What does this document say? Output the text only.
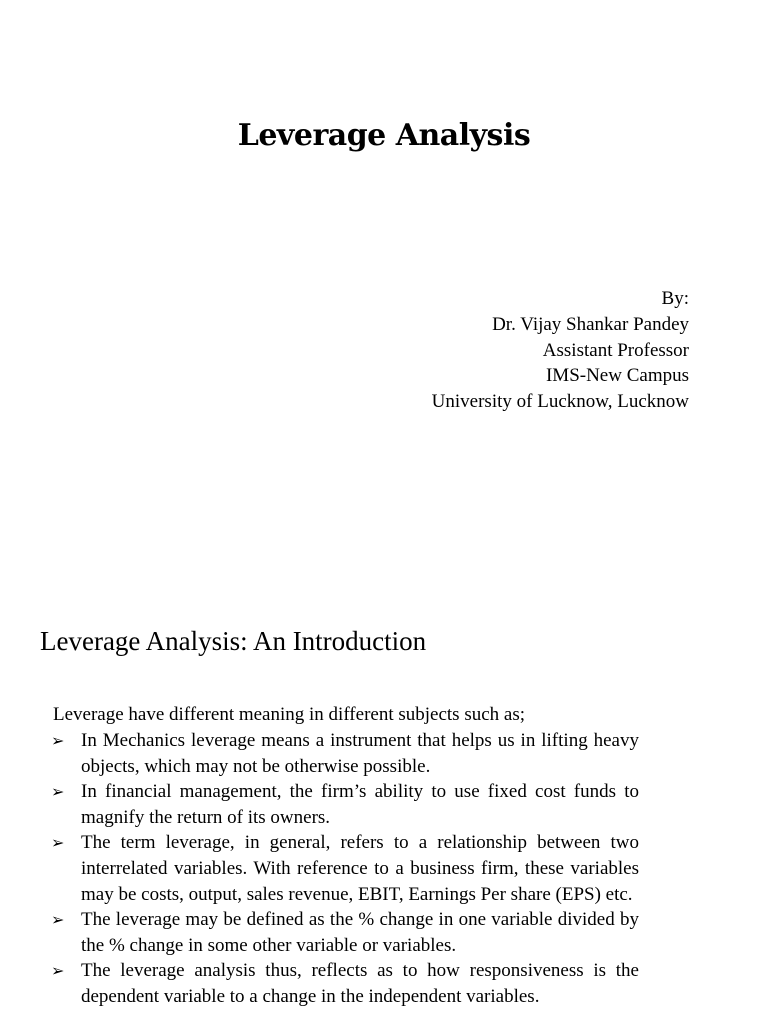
Leverage Analysis
By:
Dr. Vijay Shankar Pandey
Assistant Professor
IMS-New Campus
University of Lucknow, Lucknow
Leverage Analysis: An Introduction
Leverage have different meaning in different subjects such as;
➢ In Mechanics leverage means a instrument that helps us in lifting heavy objects, which may not be otherwise possible.
➢ In financial management, the firm’s ability to use fixed cost funds to magnify the return of its owners.
➢ The term leverage, in general, refers to a relationship between two interrelated variables. With reference to a business firm, these variables may be costs, output, sales revenue, EBIT, Earnings Per share (EPS) etc.
➢ The leverage may be defined as the % change in one variable divided by the % change in some other variable or variables.
➢ The leverage analysis thus, reflects as to how responsiveness is the dependent variable to a change in the independent variables.
